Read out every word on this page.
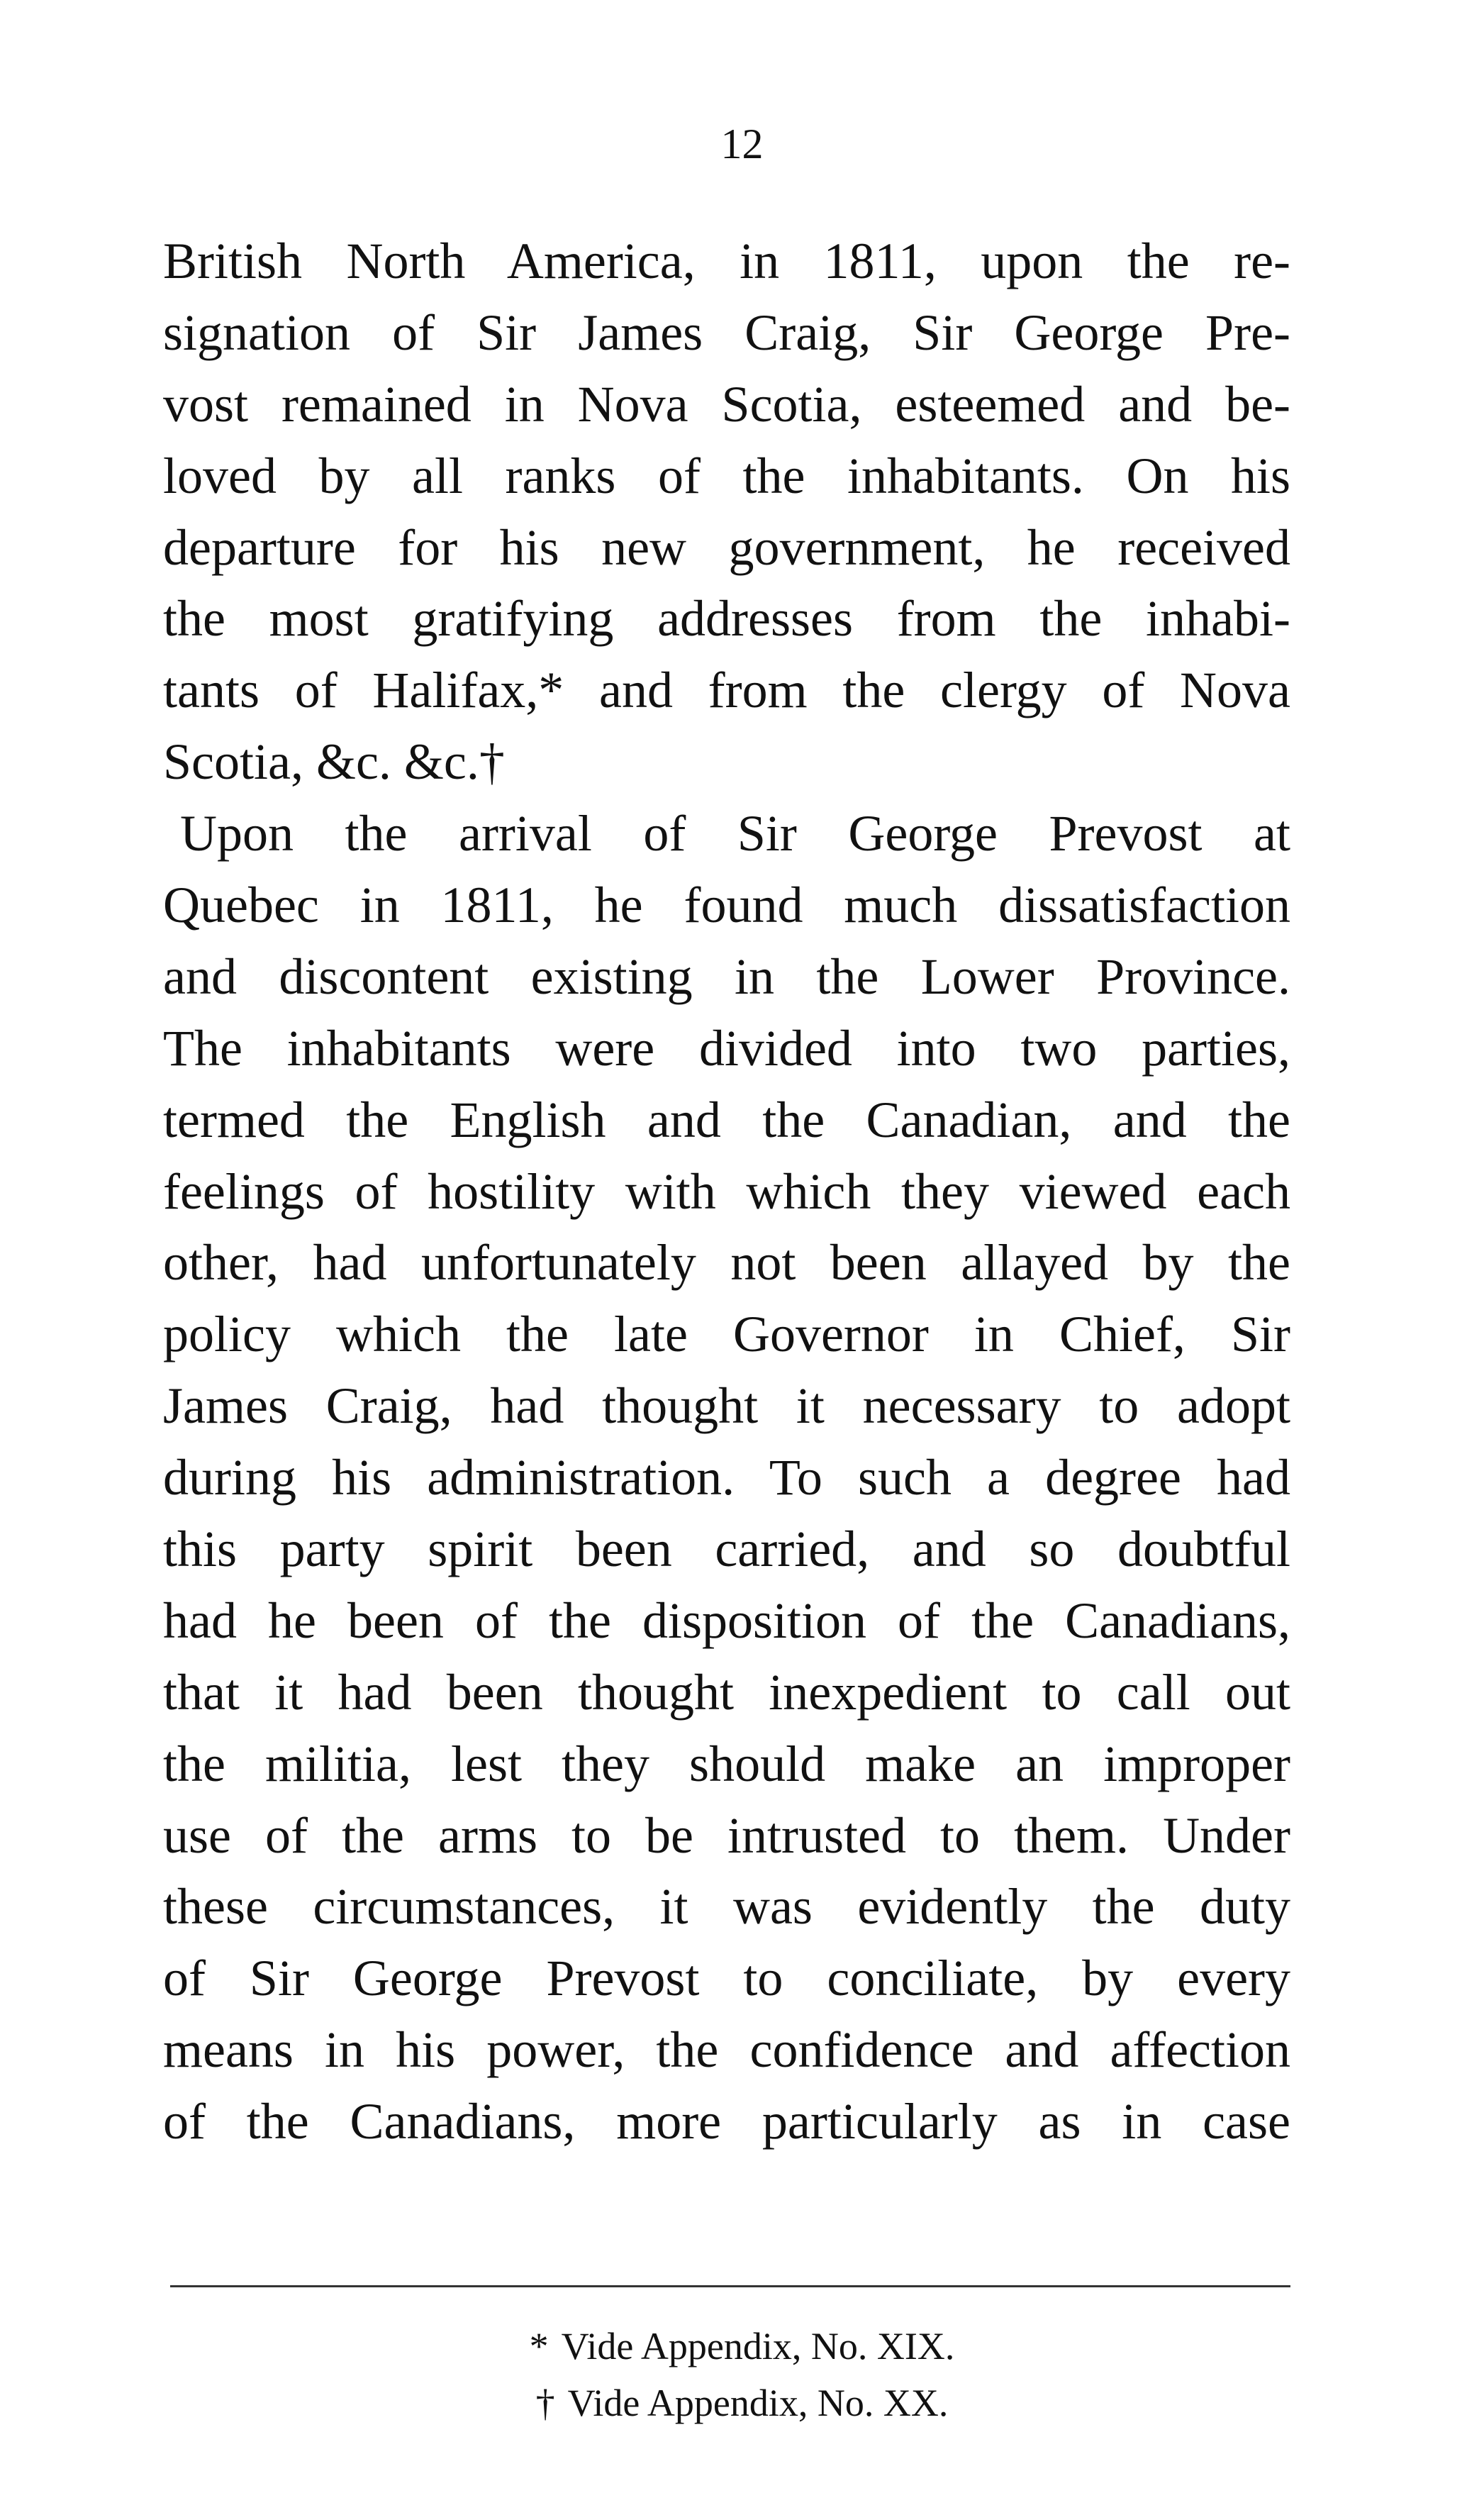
12
British North America, in 1811, upon the re-
signation of Sir James Craig, Sir George Pre-
vost remained in Nova Scotia, esteemed and be-
loved by all ranks of the inhabitants. On his
departure for his new government, he received
the most gratifying addresses from the inhabi-
tants of Halifax,* and from the clergy of Nova
Scotia, &c. &c.†
Upon the arrival of Sir George Prevost at
Quebec in 1811, he found much dissatisfaction
and discontent existing in the Lower Province.
The inhabitants were divided into two parties,
termed the English and the Canadian, and the
feelings of hostility with which they viewed each
other, had unfortunately not been allayed by the
policy which the late Governor in Chief, Sir
James Craig, had thought it necessary to adopt
during his administration. To such a degree had
this party spirit been carried, and so doubtful
had he been of the disposition of the Canadians,
that it had been thought inexpedient to call out
the militia, lest they should make an improper
use of the arms to be intrusted to them. Under
these circumstances, it was evidently the duty
of Sir George Prevost to conciliate, by every
means in his power, the confidence and affection
of the Canadians, more particularly as in case
* Vide Appendix, No. XIX.
† Vide Appendix, No. XX.
